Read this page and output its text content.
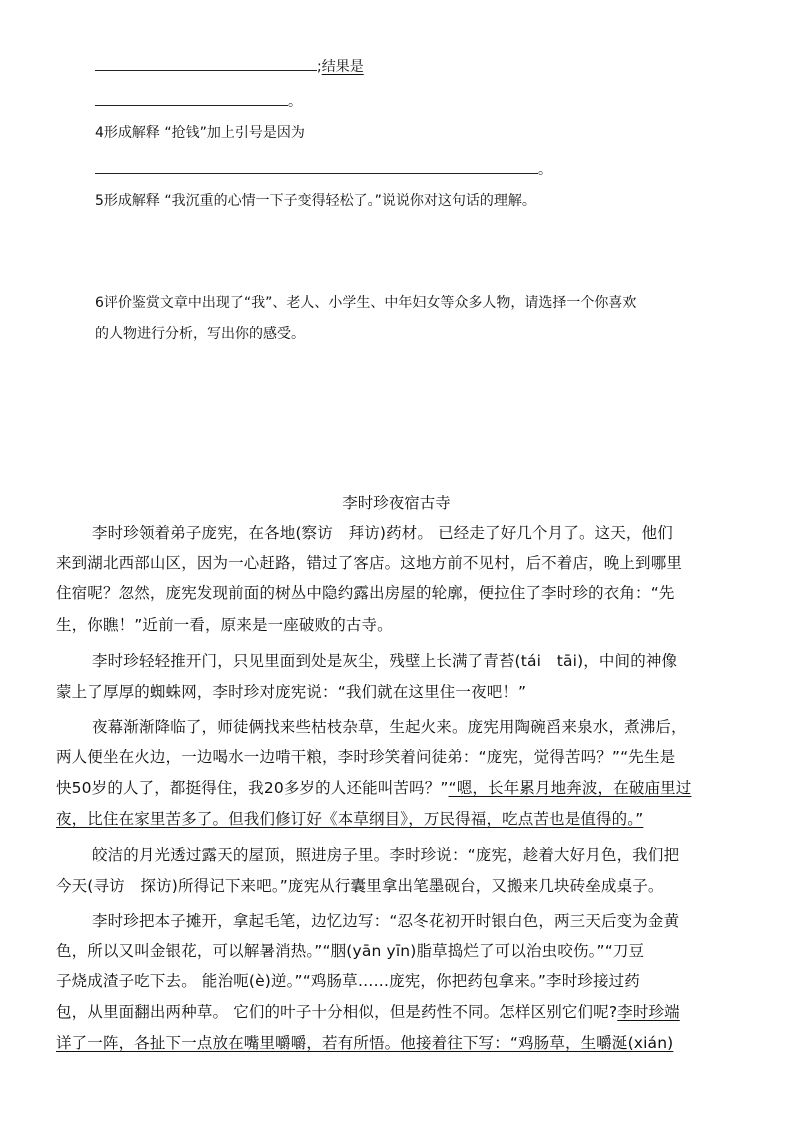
;结果是
。
4形成解释 “抢钱”加上引号是因为
。
5形成解释 “我沉重的心情一下子变得轻松了。”说说你对这句话的理解。
6评价鉴赏文章中出现了“我”、老人、小学生、中年妇女等众多人物，请选择一个你喜欢
的人物进行分析，写出你的感受。
李时珍夜宿古寺
李时珍领着弟子庞宪，在各地(察访　拜访)药材。 已经走了好几个月了。这天，他们
来到湖北西部山区，因为一心赶路，错过了客店。这地方前不见村，后不着店，晚上到哪里
住宿呢？忽然，庞宪发现前面的树丛中隐约露出房屋的轮廓，便拉住了李时珍的衣角：“先
生，你瞧！”近前一看，原来是一座破败的古寺。
李时珍轻轻推开门，只见里面到处是灰尘，残壁上长满了青苔(tái　tāi)，中间的神像
蒙上了厚厚的蜘蛛网，李时珍对庞宪说：“我们就在这里住一夜吧！”
夜幕渐渐降临了，师徒俩找来些枯枝杂草，生起火来。庞宪用陶碗舀来泉水，煮沸后，
两人便坐在火边，一边喝水一边啃干粮，李时珍笑着问徒弟：“庞宪，觉得苦吗？”“先生是
快50岁的人了，都挺得住，我20多岁的人还能叫苦吗？”“嗯，长年累月地奔波，在破庙里过
夜，比住在家里苦多了。但我们修订好《本草纲目》，万民得福，吃点苦也是值得的。”
皎洁的月光透过露天的屋顶，照进房子里。李时珍说：“庞宪，趁着大好月色，我们把
今天(寻访　探访)所得记下来吧。”庞宪从行囊里拿出笔墨砚台，又搬来几块砖垒成桌子。
李时珍把本子摊开，拿起毛笔，边忆边写：“忍冬花初开时银白色，两三天后变为金黄
色，所以又叫金银花，可以解暑消热。”“胭(yān yīn)脂草捣烂了可以治虫咬伤。”“刀豆
子烧成渣子吃下去。 能治呃(è)逆。”“鸡肠草……庞宪，你把药包拿来。”李时珍接过药
包，从里面翻出两种草。 它们的叶子十分相似，但是药性不同。怎样区别它们呢?李时珍端
详了一阵，各扯下一点放在嘴里嚼嚼，若有所悟。他接着往下写：“鸡肠草，生嚼涎(xián)
